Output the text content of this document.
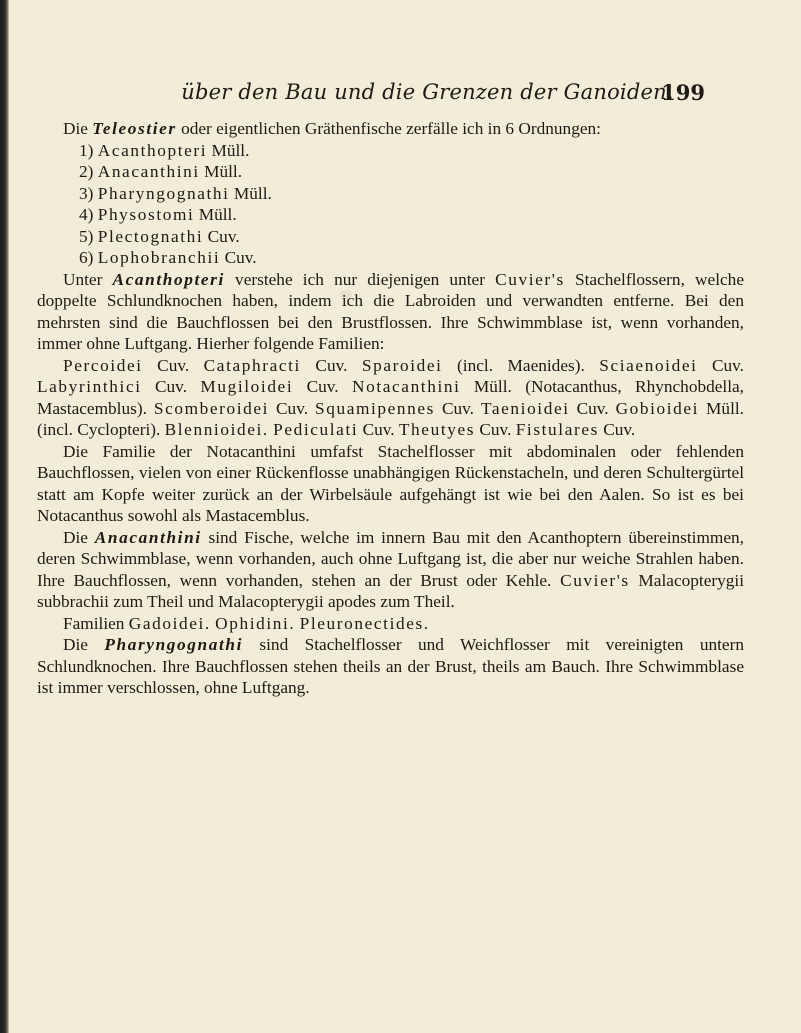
über den Bau und die Grenzen der Ganoiden.
199

Die Teleostier oder eigentlichen Gräthenfische zerfälle ich in 6 Ordnungen:

1) Acanthopteri Müll.
2) Anacanthini Müll.
3) Pharyngognathi Müll.
4) Physostomi Müll.
5) Plectognathi Cuv.
6) Lophobranchii Cuv.

Unter Acanthopteri verstehe ich nur diejenigen unter Cuvier's Stachelflossern, welche doppelte Schlundknochen haben, indem ich die Labroiden und verwandten entferne. Bei den mehrsten sind die Bauchflossen bei den Brustflossen. Ihre Schwimmblase ist, wenn vorhanden, immer ohne Luftgang. Hierher folgende Familien:

Percoidei Cuv. Cataphracti Cuv. Sparoidei (incl. Maenides). Sciaenoidei Cuv. Labyrinthici Cuv. Mugiloidei Cuv. Notacanthini Müll. (Notacanthus, Rhynchobdella, Mastacemblus). Scomberoidei Cuv. Squamipennes Cuv. Taenioidei Cuv. Gobioidei Müll. (incl. Cyclopteri). Blennioidei. Pediculati Cuv. Theutyes Cuv. Fistulares Cuv.

Die Familie der Notacanthini umfafst Stachelflosser mit abdominalen oder fehlenden Bauchflossen, vielen von einer Rückenflosse unabhängigen Rückenstacheln, und deren Schultergürtel statt am Kopfe weiter zurück an der Wirbelsäule aufgehängt ist wie bei den Aalen. So ist es bei Notacanthus sowohl als Mastacemblus.

Die Anacanthini sind Fische, welche im innern Bau mit den Acanthoptern übereinstimmen, deren Schwimmblase, wenn vorhanden, auch ohne Luftgang ist, die aber nur weiche Strahlen haben. Ihre Bauchflossen, wenn vorhanden, stehen an der Brust oder Kehle. Cuvier's Malacopterygii subbrachii zum Theil und Malacopterygii apodes zum Theil.

Familien Gadoidei. Ophidini. Pleuronectides.

Die Pharyngognathi sind Stachelflosser und Weichflosser mit vereinigten untern Schlundknochen. Ihre Bauchflossen stehen theils an der Brust, theils am Bauch. Ihre Schwimmblase ist immer verschlossen, ohne Luftgang.
